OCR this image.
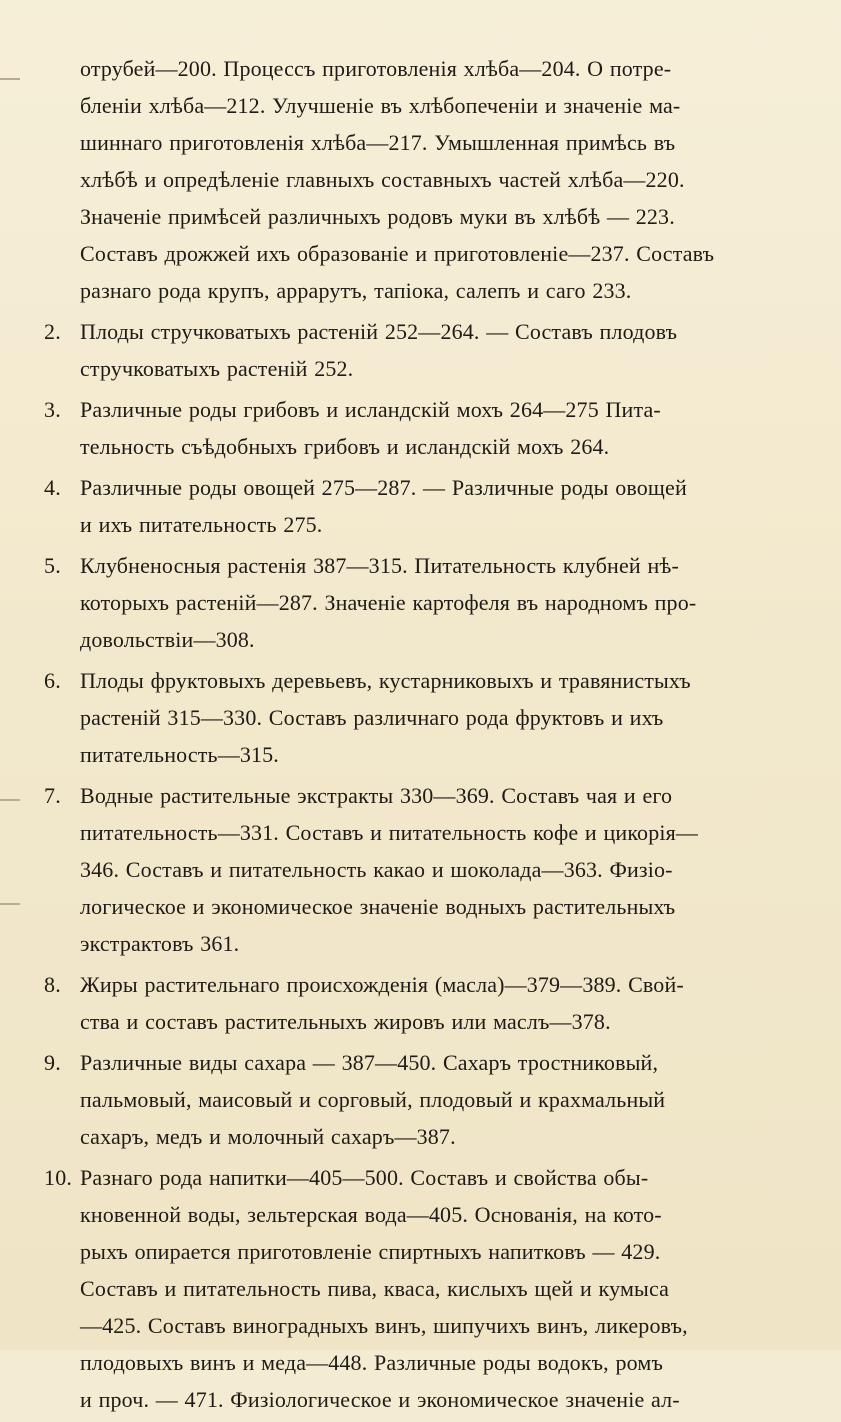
отрубей—200. Процессъ приготовленія хлѣба—204. О потре-
бленіи хлѣба—212. Улучшеніе въ хлѣбопеченіи и значеніе ма-
шиннаго приготовленія хлѣба—217. Умышленная примѣсь въ
хлѣбѣ и опредѣленіе главныхъ составныхъ частей хлѣба—220.
Значеніе примѣсей различныхъ родовъ муки въ хлѣбѣ — 223.
Составъ дрожжей ихъ образованіе и приготовленіе—237. Составъ
разнаго рода крупъ, аррарутъ, тапіока, салепъ и саго 233.
2. Плоды стручковатыхъ растеній 252—264. — Составъ плодовъ
стручковатыхъ растеній 252.
3. Различные роды грибовъ и исландскій мохъ 264—275 Пита-
тельность съѣдобныхъ грибовъ и исландскій мохъ 264.
4. Различные роды овощей 275—287. — Различные роды овощей
и ихъ питательность 275.
5. Клубненосныя растенія 387—315. Питательность клубней нѣ-
которыхъ растеній—287. Значеніе картофеля въ народномъ про-
довольствіи—308.
6. Плоды фруктовыхъ деревьевъ, кустарниковыхъ и травянистыхъ
растеній 315—330. Составъ различнаго рода фруктовъ и ихъ
питательность—315.
7. Водные растительные экстракты 330—369. Составъ чая и его
питательность—331. Составъ и питательность кофе и цикорія—
346. Составъ и питательность какао и шоколада—363. Физіо-
логическое и экономическое значеніе водныхъ растительныхъ
экстрактовъ 361.
8. Жиры растительнаго происхожденія (масла)—379—389. Свой-
ства и составъ растительныхъ жировъ или маслъ—378.
9. Различные виды сахара — 387—450. Сахаръ тростниковый,
пальмовый, маисовый и сорговый, плодовый и крахмальный
сахаръ, медъ и молочный сахаръ—387.
10. Разнаго рода напитки—405—500. Составъ и свойства обы-
кновенной воды, зельтерская вода—405. Основанія, на кото-
рыхъ опирается приготовленіе спиртныхъ напитковъ — 429.
Составъ и питательность пива, кваса, кислыхъ щей и кумыса
—425. Составъ виноградныхъ винъ, шипучихъ винъ, ликеровъ,
плодовыхъ винъ и меда—448. Различные роды водокъ, ромъ
и проч. — 471. Физіологическое и экономическое значеніе ал-
